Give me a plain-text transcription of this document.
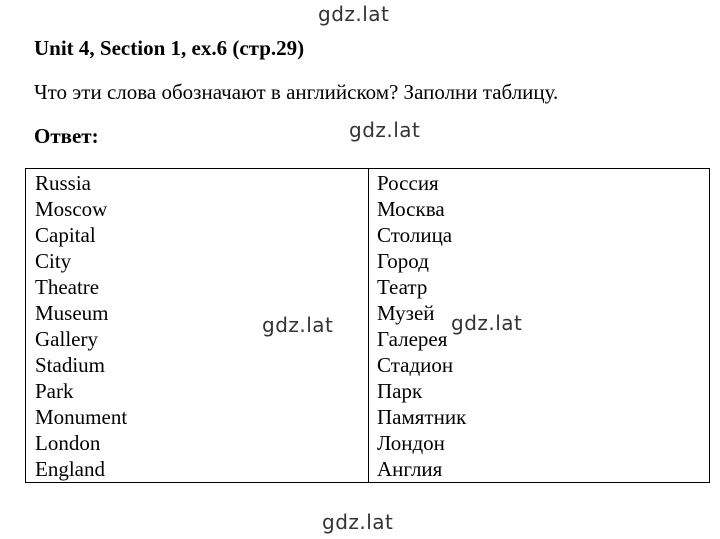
gdz.lat
Unit 4, Section 1, ex.6 (стр.29)
Что эти слова обозначают в английском? Заполни таблицу.
Ответ:	gdz.lat
Russia
Moscow
Capital
City
Theatre
Museum
Gallery
Stadium
Park
Monument
London
England
Россия
Москва
Столица
Город
Театр
Музей
Галерея
Стадион
Парк
Памятник
Лондон
Англия
gdz.lat	gdz.lat
gdz.lat
